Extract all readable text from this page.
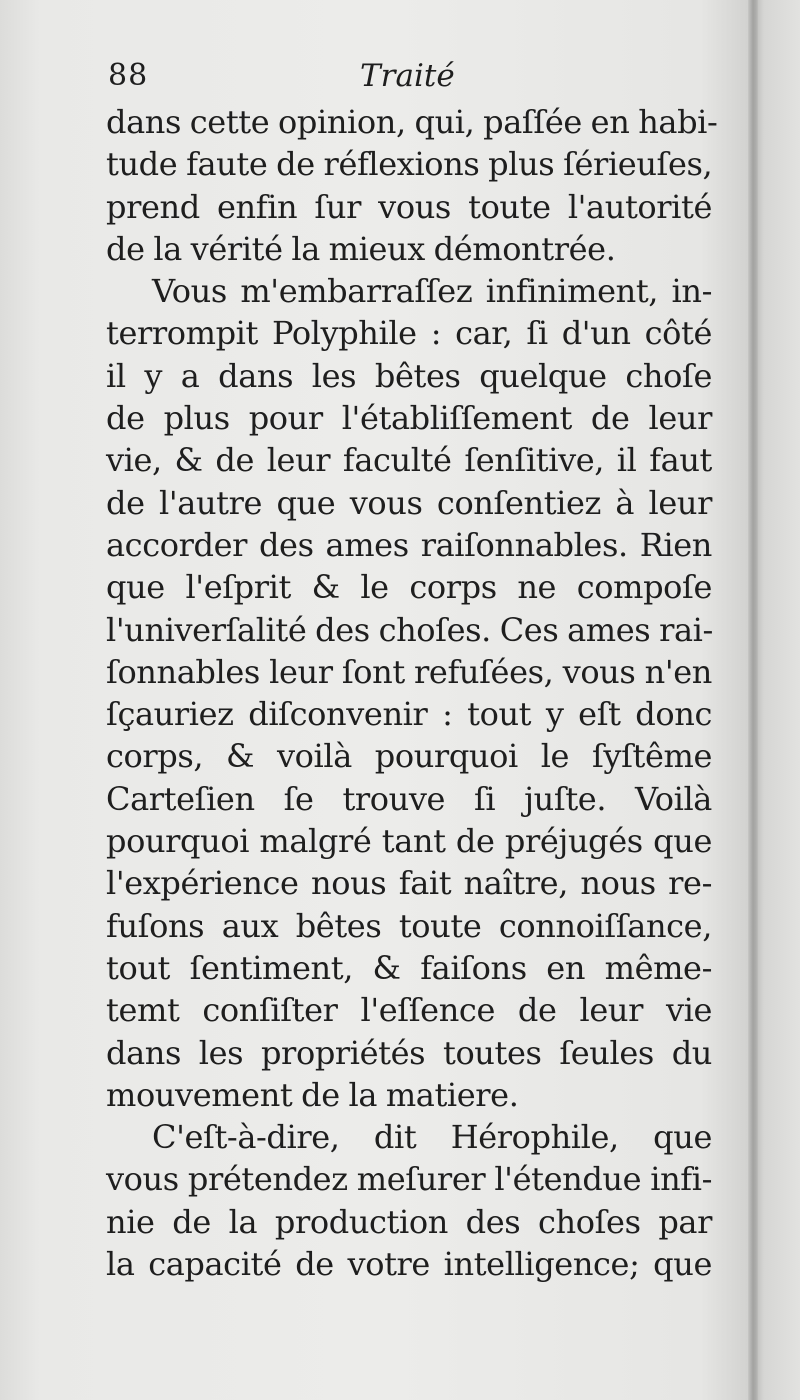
88	Traité
dans cette opinion, qui, paſſée en habi-
tude faute de réflexions plus ſérieuſes,
prend enfin ſur vous toute l'autorité
de la vérité la mieux démontrée.
Vous m'embarraſſez infiniment, in-
terrompit Polyphile : car, ſi d'un côté
il y a dans les bêtes quelque choſe
de plus pour l'établiſſement de leur
vie, & de leur faculté ſenſitive, il faut
de l'autre que vous conſentiez à leur
accorder des ames raiſonnables. Rien
que l'eſprit & le corps ne compoſe
l'univerſalité des choſes. Ces ames rai-
ſonnables leur ſont refuſées, vous n'en
ſçauriez diſconvenir : tout y eſt donc
corps, & voilà pourquoi le ſyſtême
Carteſien ſe trouve ſi juſte. Voilà
pourquoi malgré tant de préjugés que
l'expérience nous fait naître, nous re-
fuſons aux bêtes toute connoiſſance,
tout ſentiment, & faiſons en même-
temt conſiſter l'eſſence de leur vie
dans les propriétés toutes ſeules du
mouvement de la matiere.
C'eſt-à-dire, dit Hérophile, que
vous prétendez meſurer l'étendue infi-
nie de la production des choſes par
la capacité de votre intelligence; que
